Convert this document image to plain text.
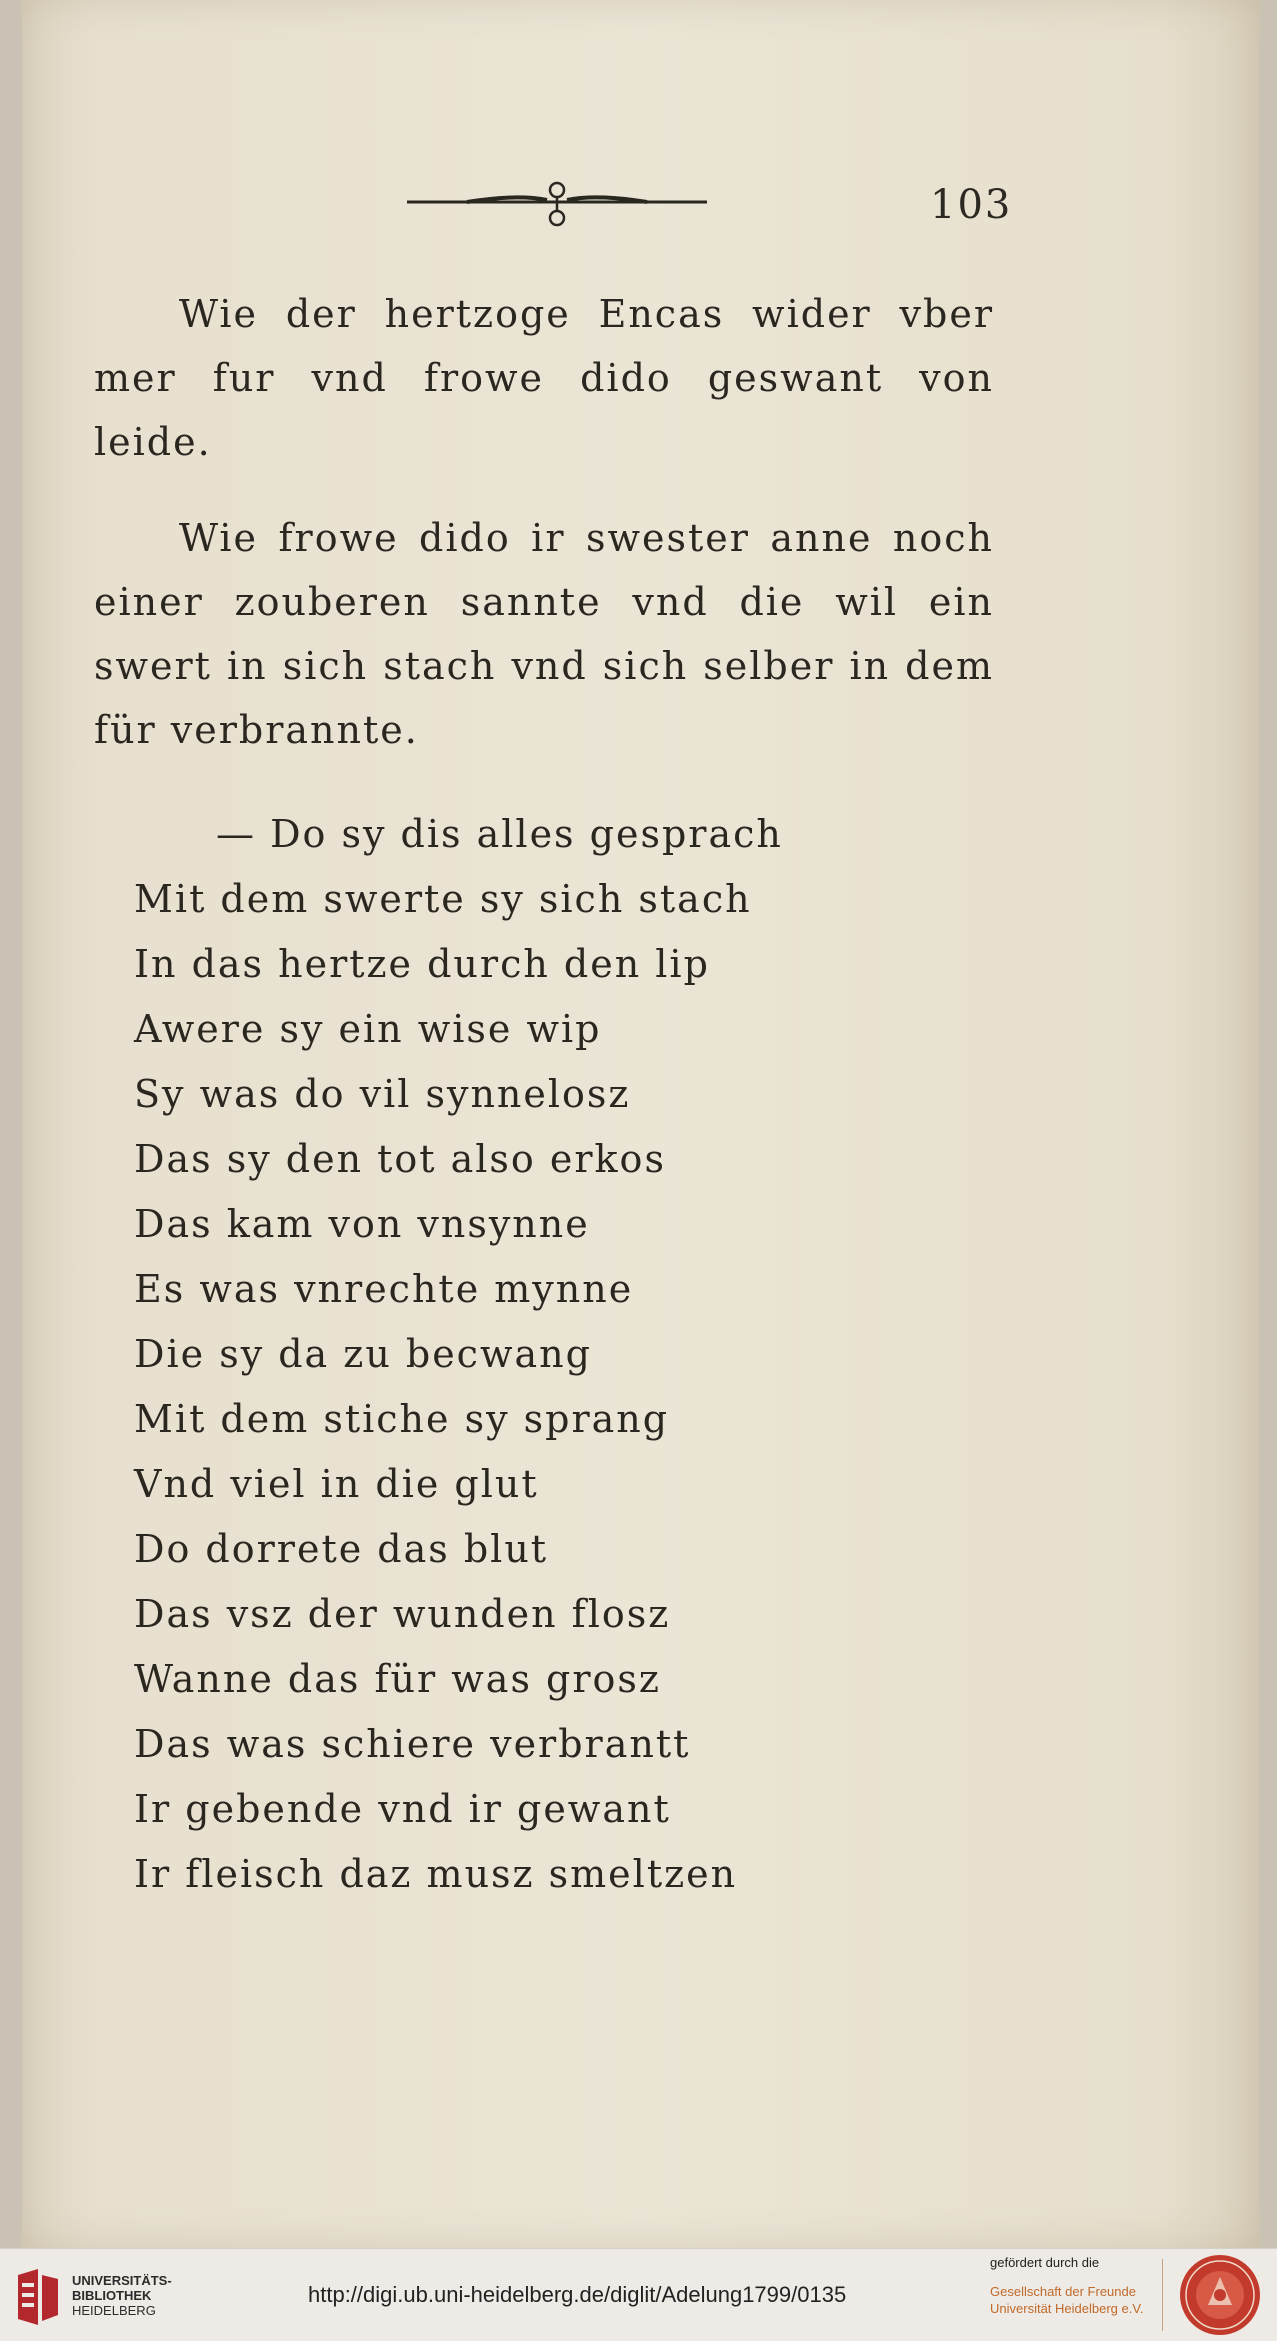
103
Wie der hertzoge Encas wider vber
mer fur vnd frowe dido geswant von
leide.
Wie frowe dido ir swester anne noch
einer zouberen sannte vnd die wil ein
swert in sich stach vnd sich selber in dem
für verbrannte.
— Do sy dis alles gesprach
Mit dem swerte sy sich stach
In das hertze durch den lip
Awere sy ein wise wip
Sy was do vil synnelosz
Das sy den tot also erkos
Das kam von vnsynne
Es was vnrechte mynne
Die sy da zu becwang
Mit dem stiche sy sprang
Vnd viel in die glut
Do dorrete das blut
Das vsz der wunden flosz
Wanne das für was grosz
Das was schiere verbrantt
Ir gebende vnd ir gewant
Ir fleisch daz musz smeltzen
UNIVERSITÄTS-
BIBLIOTHEK
HEIDELBERG
http://digi.ub.uni-heidelberg.de/diglit/Adelung1799/0135
gefördert durch die
Gesellschaft der Freunde
Universität Heidelberg e.V.
